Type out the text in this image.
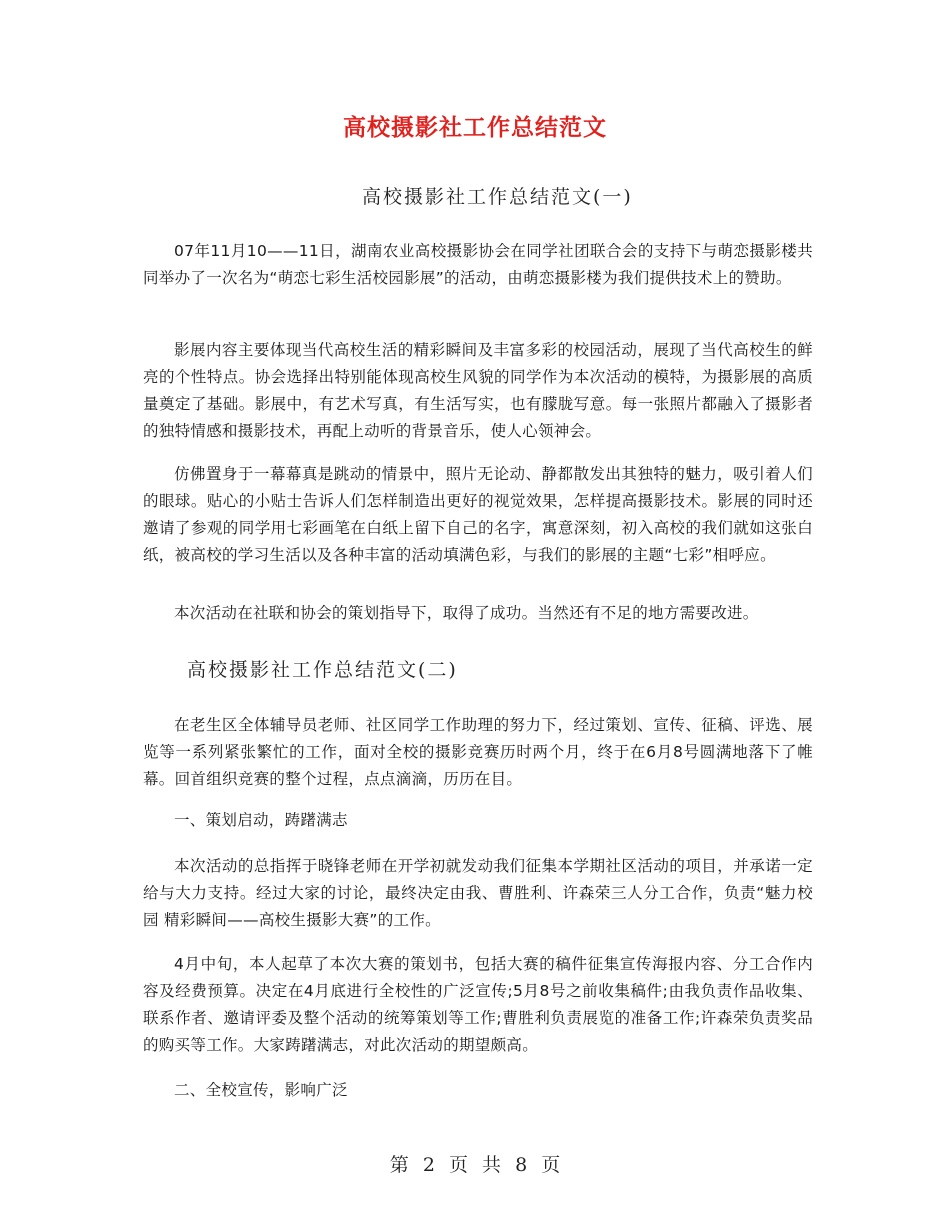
高校摄影社工作总结范文
高校摄影社工作总结范文(一)

07年11月10——11日，湖南农业高校摄影协会在同学社团联合会的支持下与萌恋摄影楼共同举办了一次名为“萌恋七彩生活校园影展”的活动，由萌恋摄影楼为我们提供技术上的赞助。

影展内容主要体现当代高校生活的精彩瞬间及丰富多彩的校园活动，展现了当代高校生的鲜亮的个性特点。协会选择出特别能体现高校生风貌的同学作为本次活动的模特，为摄影展的高质量奠定了基础。影展中，有艺术写真，有生活写实，也有朦胧写意。每一张照片都融入了摄影者的独特情感和摄影技术，再配上动听的背景音乐，使人心领神会。

仿佛置身于一幕幕真是跳动的情景中，照片无论动、静都散发出其独特的魅力，吸引着人们的眼球。贴心的小贴士告诉人们怎样制造出更好的视觉效果，怎样提高摄影技术。影展的同时还邀请了参观的同学用七彩画笔在白纸上留下自己的名字，寓意深刻，初入高校的我们就如这张白纸，被高校的学习生活以及各种丰富的活动填满色彩，与我们的影展的主题“七彩”相呼应。

本次活动在社联和协会的策划指导下，取得了成功。当然还有不足的地方需要改进。

高校摄影社工作总结范文(二)

在老生区全体辅导员老师、社区同学工作助理的努力下，经过策划、宣传、征稿、评选、展览等一系列紧张繁忙的工作，面对全校的摄影竞赛历时两个月，终于在6月8号圆满地落下了帷幕。回首组织竞赛的整个过程，点点滴滴，历历在目。

一、策划启动，踌躇满志

本次活动的总指挥于晓锋老师在开学初就发动我们征集本学期社区活动的项目，并承诺一定给与大力支持。经过大家的讨论，最终决定由我、曹胜利、许森荣三人分工合作，负责“魅力校园 精彩瞬间——高校生摄影大赛”的工作。

4月中旬，本人起草了本次大赛的策划书，包括大赛的稿件征集宣传海报内容、分工合作内容及经费预算。决定在4月底进行全校性的广泛宣传;5月8号之前收集稿件;由我负责作品收集、联系作者、邀请评委及整个活动的统筹策划等工作;曹胜利负责展览的准备工作;许森荣负责奖品的购买等工作。大家踌躇满志，对此次活动的期望颇高。

二、全校宣传，影响广泛

第 2 页 共 8 页
